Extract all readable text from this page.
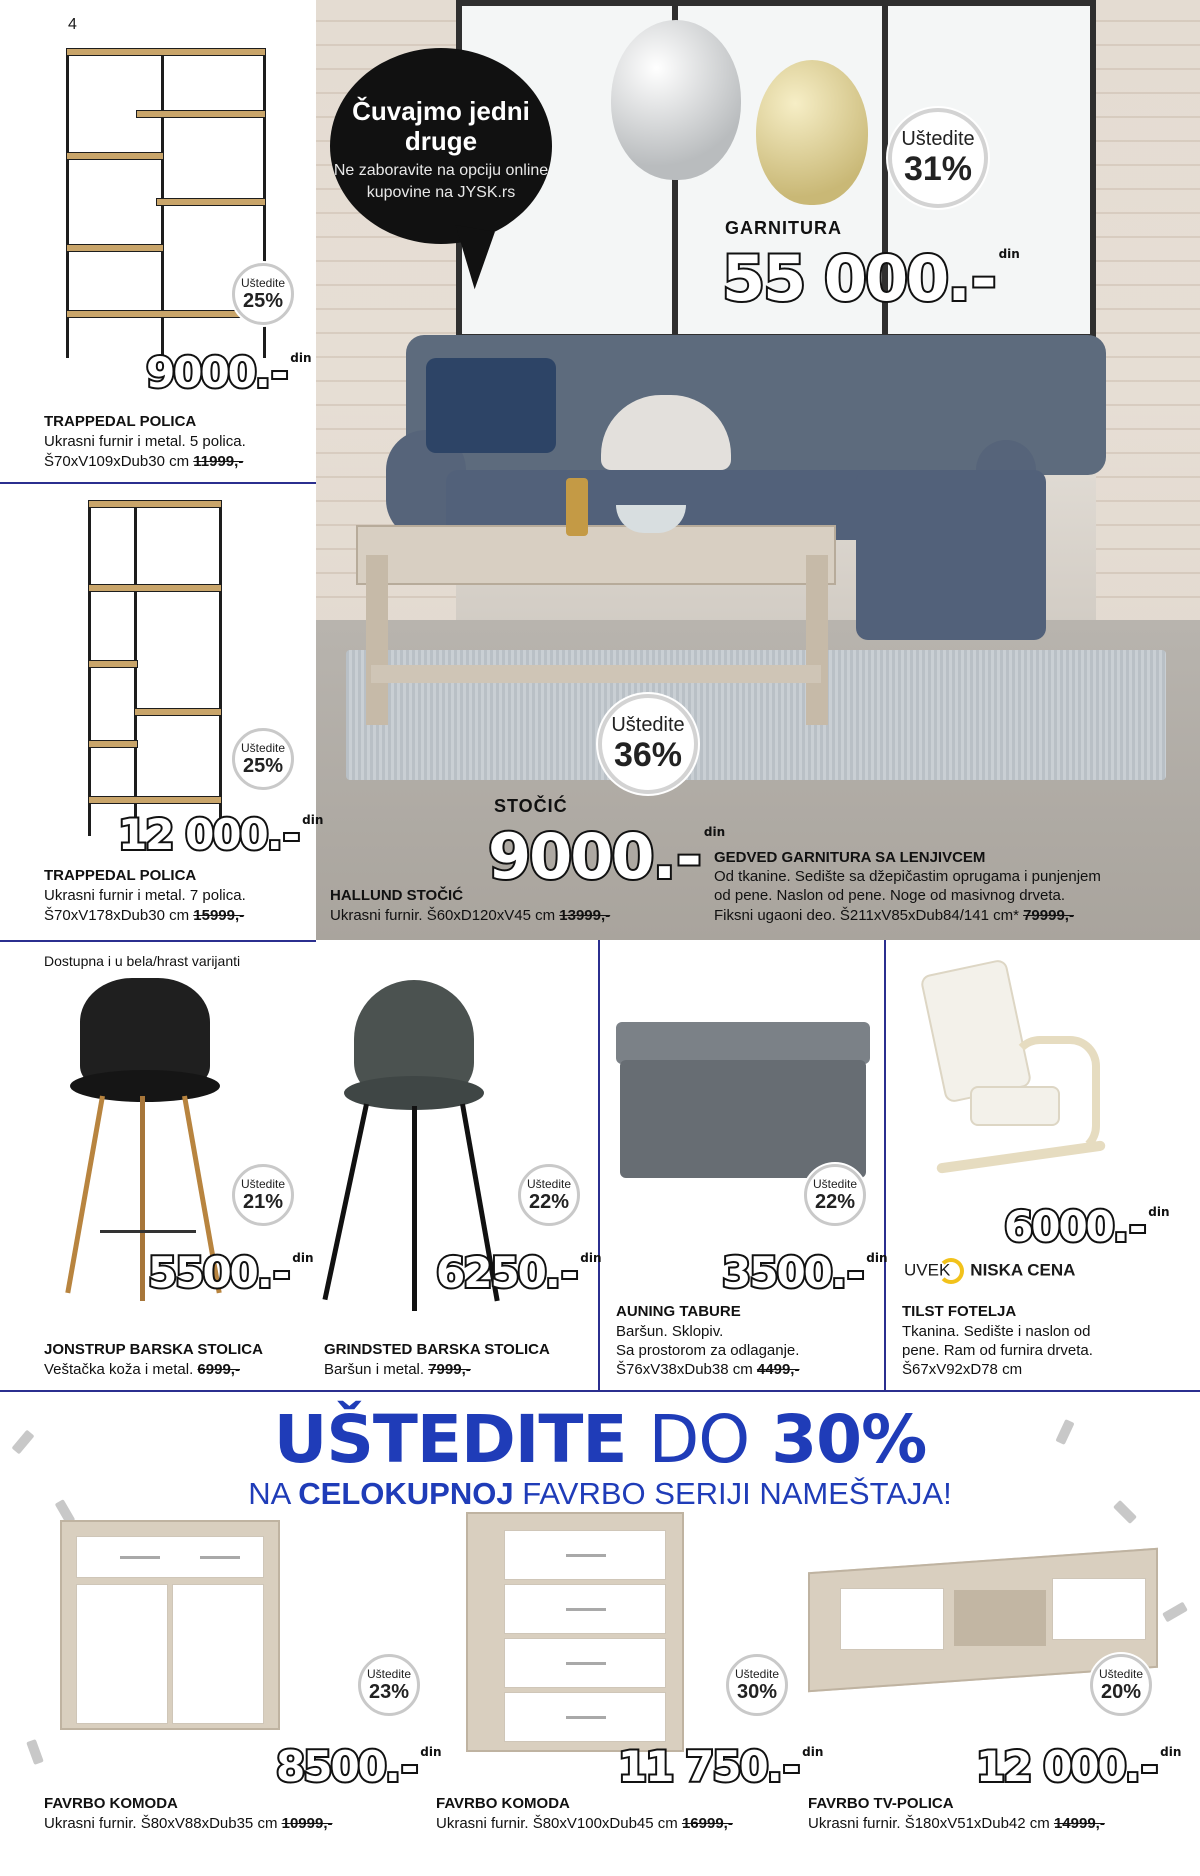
4
Čuvajmo jedni druge
Ne zaboravite na opciju online kupovine na JYSK.rs
Uštedite
31%
GARNITURA
55 000.- $^{din}$
Uštedite
36%
STOČIĆ
9000.- $^{din}$
HALLUND STOČIĆ
Ukrasni furnir. Š60xD120xV45 cm 13999,-
GEDVED GARNITURA SA LENJIVCEM
Od tkanine. Sedište sa džepičastim oprugama i punjenjem
od pene. Naslon od pene. Noge od masivnog drveta.
Fiksni ugaoni deo. Š211xV85xDub84/141 cm* 79999,-
Uštedite
25%
9000.- $^{din}$
TRAPPEDAL POLICA
Ukrasni furnir i metal. 5 polica.
Š70xV109xDub30 cm 11999,-
Uštedite
25%
12 000.- $^{din}$
TRAPPEDAL POLICA
Ukrasni furnir i metal. 7 polica.
Š70xV178xDub30 cm 15999,-
Dostupna i u bela/hrast varijanti
Uštedite
21%
5500.- $^{din}$
JONSTRUP BARSKA STOLICA
Veštačka koža i metal. 6999,-
Uštedite
22%
6250.- $^{din}$
GRINDSTED BARSKA STOLICA
Baršun i metal. 7999,-
Uštedite
22%
3500.- $^{din}$
AUNING TABURE
Baršun. Sklopiv.
Sa prostorom za odlaganje.
Š76xV38xDub38 cm 4499,-
6000.- $^{din}$
UVEK NISKA CENA
TILST FOTELJA
Tkanina. Sedište i naslon od
pene. Ram od furnira drveta.
Š67xV92xD78 cm
UŠTEDITE DO 30%
NA CELOKUPNOJ FAVRBO SERIJI NAMEŠTAJA!
Uštedite
23%
8500.- $^{din}$
FAVRBO KOMODA
Ukrasni furnir. Š80xV88xDub35 cm 10999,-
Uštedite
30%
11 750.- $^{din}$
FAVRBO KOMODA
Ukrasni furnir. Š80xV100xDub45 cm 16999,-
Uštedite
20%
12 000.- $^{din}$
FAVRBO TV-POLICA
Ukrasni furnir. Š180xV51xDub42 cm 14999,-
